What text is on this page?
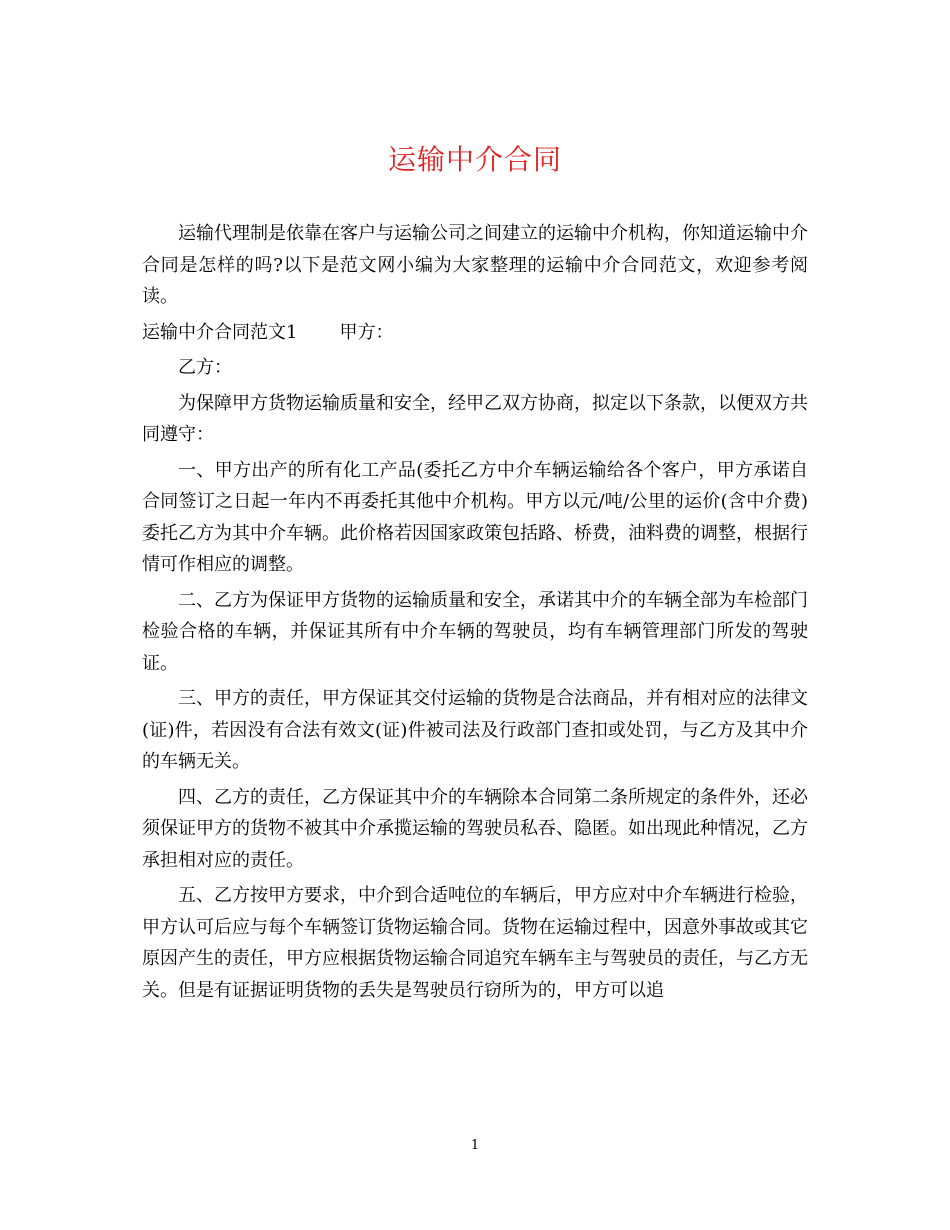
运输中介合同

运输代理制是依靠在客户与运输公司之间建立的运输中介机构，你知道运输中介合同是怎样的吗?以下是范文网小编为大家整理的运输中介合同范文，欢迎参考阅读。

运输中介合同范文1 甲方：

乙方：

为保障甲方货物运输质量和安全，经甲乙双方协商，拟定以下条款，以便双方共同遵守：

一、甲方出产的所有化工产品(委托乙方中介车辆运输给各个客户，甲方承诺自合同签订之日起一年内不再委托其他中介机构。甲方以元/吨/公里的运价(含中介费)委托乙方为其中介车辆。此价格若因国家政策包括路、桥费，油料费的调整，根据行情可作相应的调整。

二、乙方为保证甲方货物的运输质量和安全，承诺其中介的车辆全部为车检部门检验合格的车辆，并保证其所有中介车辆的驾驶员，均有车辆管理部门所发的驾驶证。

三、甲方的责任，甲方保证其交付运输的货物是合法商品，并有相对应的法律文(证)件，若因没有合法有效文(证)件被司法及行政部门查扣或处罚，与乙方及其中介的车辆无关。

四、乙方的责任，乙方保证其中介的车辆除本合同第二条所规定的条件外，还必须保证甲方的货物不被其中介承揽运输的驾驶员私吞、隐匿。如出现此种情况，乙方承担相对应的责任。

五、乙方按甲方要求，中介到合适吨位的车辆后，甲方应对中介车辆进行检验，甲方认可后应与每个车辆签订货物运输合同。货物在运输过程中，因意外事故或其它原因产生的责任，甲方应根据货物运输合同追究车辆车主与驾驶员的责任，与乙方无关。但是有证据证明货物的丢失是驾驶员行窃所为的，甲方可以追

1
